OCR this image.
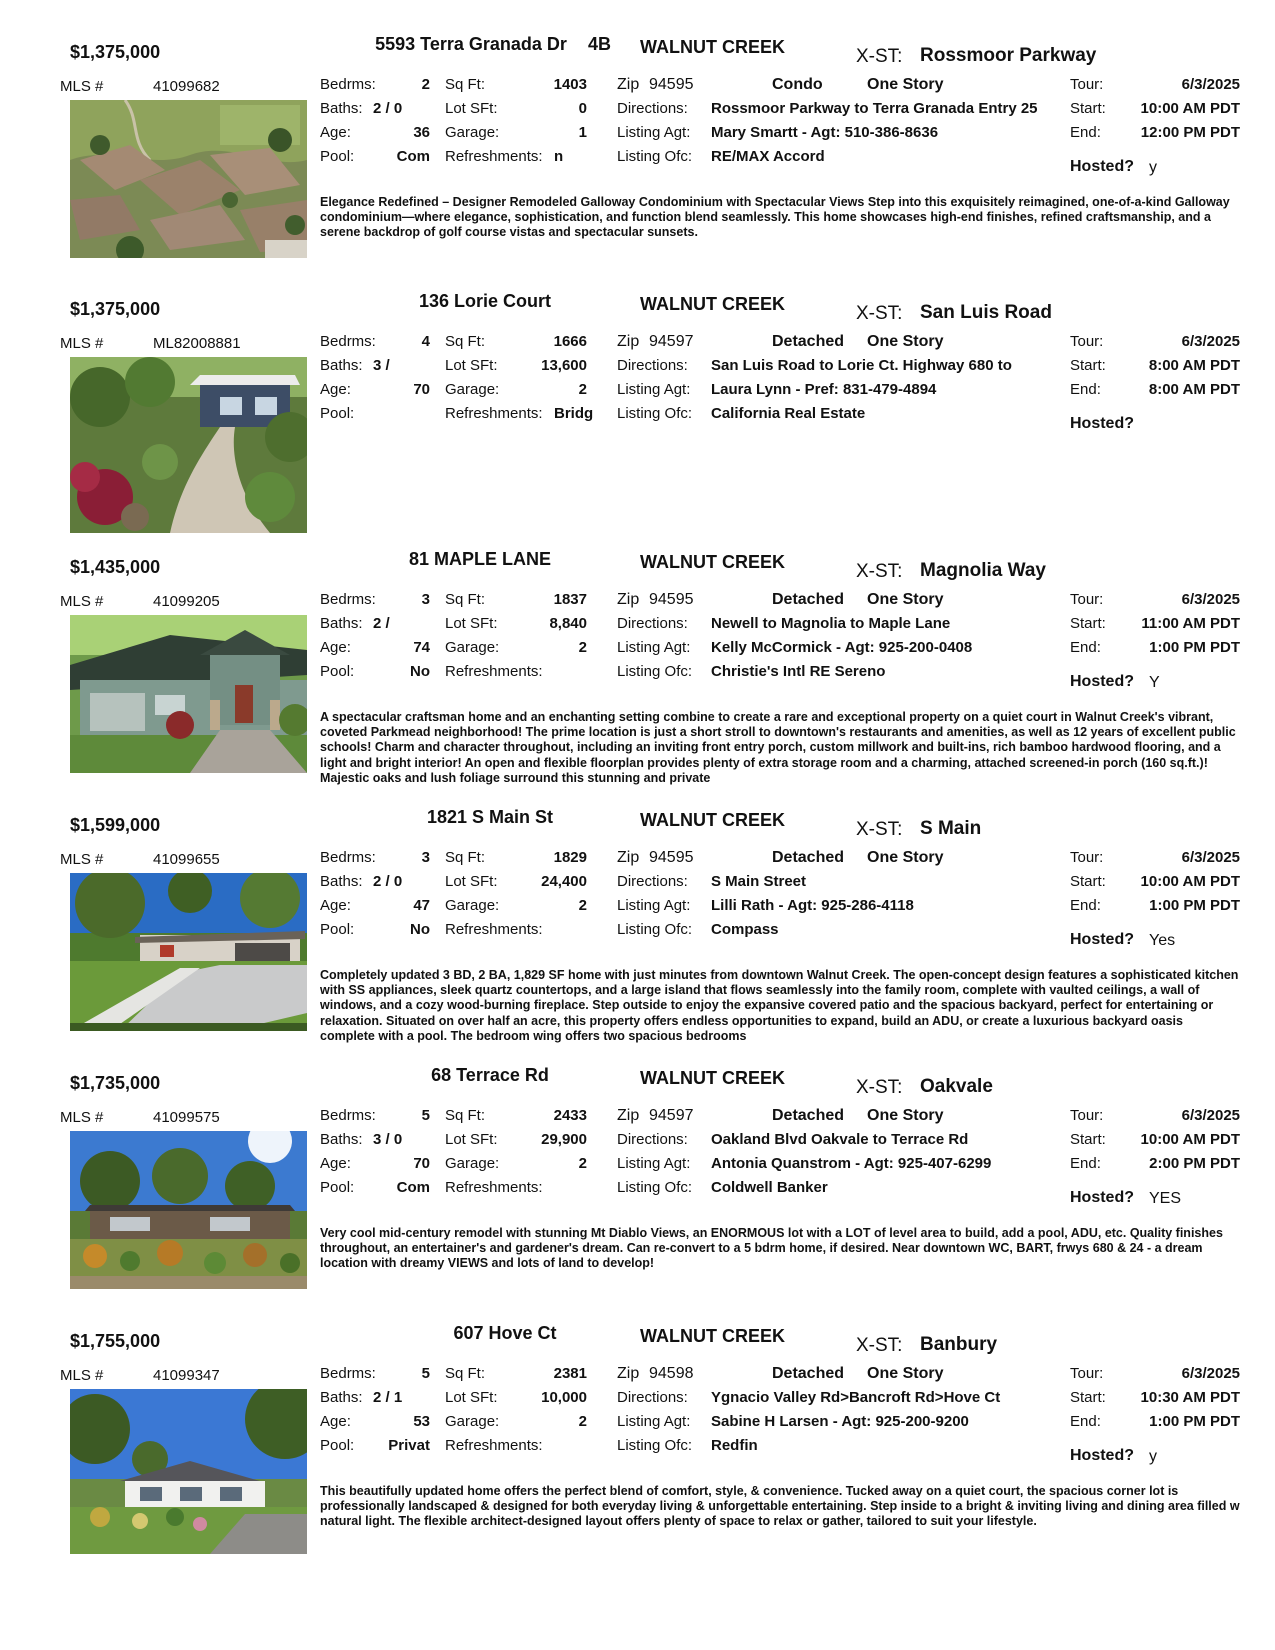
$1,375,000	5593 Terra Granada Dr	4B WALNUT CREEK	X-ST: Rossmoor Parkway
MLS #	41099682	Bedrms:	2 Sq Ft:	1403
Baths: 2 / 0	Lot SFt:	0
Age:	36 Garage:	1
Pool:	Com Refreshments: n
Zip 94595	Condo	One Story
Directions: Rossmoor Parkway to Terra Granada Entry 25
Listing Agt: Mary Smartt - Agt: 510-386-8636
Listing Ofc: RE/MAX Accord
Tour:	6/3/2025
Start:	10:00 AM PDT
End:	12:00 PM PDT
Hosted? y
Elegance Redefined – Designer Remodeled Galloway Condominium with Spectacular Views Step into this exquisitely reimagined, one-of-a-kind Galloway condominium—where elegance, sophistication, and function blend seamlessly. This home showcases high-end finishes, refined craftsmanship, and a serene backdrop of golf course vistas and spectacular sunsets.
$1,375,000	136 Lorie Court	WALNUT CREEK	X-ST: San Luis Road
MLS #	ML82008881	Bedrms:	4 Sq Ft:	1666
Baths: 3 /	Lot SFt:	13,600
Age:	70 Garage:	2
Pool:	Refreshments: Bridg
Zip 94597	Detached One Story
Directions: San Luis Road to Lorie Ct. Highway 680 to
Listing Agt: Laura Lynn - Pref: 831-479-4894
Listing Ofc: California Real Estate
Tour:	6/3/2025
Start:	8:00 AM PDT
End:	8:00 AM PDT
Hosted?
$1,435,000	81 MAPLE LANE	WALNUT CREEK	X-ST: Magnolia Way
MLS #	41099205	Bedrms:	3 Sq Ft:	1837
Baths: 2 /	Lot SFt:	8,840
Age:	74 Garage:	2
Pool:	No Refreshments:
Zip 94595	Detached One Story
Directions: Newell to Magnolia to Maple Lane
Listing Agt: Kelly McCormick - Agt: 925-200-0408
Listing Ofc: Christie's Intl RE Sereno
Tour:	6/3/2025
Start:	11:00 AM PDT
End:	1:00 PM PDT
Hosted? Y
A spectacular craftsman home and an enchanting setting combine to create a rare and exceptional property on a quiet court in Walnut Creek's vibrant, coveted Parkmead neighborhood! The prime location is just a short stroll to downtown's restaurants and amenities, as well as 12 years of excellent public schools! Charm and character throughout, including an inviting front entry porch, custom millwork and built-ins, rich bamboo hardwood flooring, and a light and bright interior! An open and flexible floorplan provides plenty of extra storage room and a charming, attached screened-in porch (160 sq.ft.)! Majestic oaks and lush foliage surround this stunning and private
$1,599,000	1821 S Main St	WALNUT CREEK	X-ST: S Main
MLS #	41099655	Bedrms:	3 Sq Ft:	1829
Baths: 2 / 0	Lot SFt:	24,400
Age:	47 Garage:	2
Pool:	No Refreshments:
Zip 94595	Detached One Story
Directions: S Main Street
Listing Agt: Lilli Rath - Agt: 925-286-4118
Listing Ofc: Compass
Tour:	6/3/2025
Start:	10:00 AM PDT
End:	1:00 PM PDT
Hosted? Yes
Completely updated 3 BD, 2 BA, 1,829 SF home with just minutes from downtown Walnut Creek. The open-concept design features a sophisticated kitchen with SS appliances, sleek quartz countertops, and a large island that flows seamlessly into the family room, complete with vaulted ceilings, a wall of windows, and a cozy wood-burning fireplace. Step outside to enjoy the expansive covered patio and the spacious backyard, perfect for entertaining or relaxation. Situated on over half an acre, this property offers endless opportunities to expand, build an ADU, or create a luxurious backyard oasis complete with a pool. The bedroom wing offers two spacious bedrooms
$1,735,000	68 Terrace Rd	WALNUT CREEK	X-ST: Oakvale
MLS #	41099575	Bedrms:	5 Sq Ft:	2433
Baths: 3 / 0	Lot SFt:	29,900
Age:	70 Garage:	2
Pool:	Com Refreshments:
Zip 94597	Detached One Story
Directions: Oakland Blvd Oakvale to Terrace Rd
Listing Agt: Antonia Quanstrom - Agt: 925-407-6299
Listing Ofc: Coldwell Banker
Tour:	6/3/2025
Start:	10:00 AM PDT
End:	2:00 PM PDT
Hosted? YES
Very cool mid-century remodel with stunning Mt Diablo Views, an ENORMOUS lot with a LOT of level area to build, add a pool, ADU, etc. Quality finishes throughout, an entertainer's and gardener's dream. Can re-convert to a 5 bdrm home, if desired. Near downtown WC, BART, frwys 680 & 24 - a dream location with dreamy VIEWS and lots of land to develop!
$1,755,000	607 Hove Ct	WALNUT CREEK	X-ST: Banbury
MLS #	41099347	Bedrms:	5 Sq Ft:	2381
Baths: 2 / 1	Lot SFt:	10,000
Age:	53 Garage:	2
Pool:	Privat Refreshments:
Zip 94598	Detached One Story
Directions: Ygnacio Valley Rd>Bancroft Rd>Hove Ct
Listing Agt: Sabine H Larsen - Agt: 925-200-9200
Listing Ofc: Redfin
Tour:	6/3/2025
Start:	10:30 AM PDT
End:	1:00 PM PDT
Hosted? y
This beautifully updated home offers the perfect blend of comfort, style, & convenience. Tucked away on a quiet court, the spacious corner lot is professionally landscaped & designed for both everyday living & unforgettable entertaining. Step inside to a bright & inviting living and dining area filled w natural light. The flexible architect-designed layout offers plenty of space to relax or gather, tailored to suit your lifestyle.
